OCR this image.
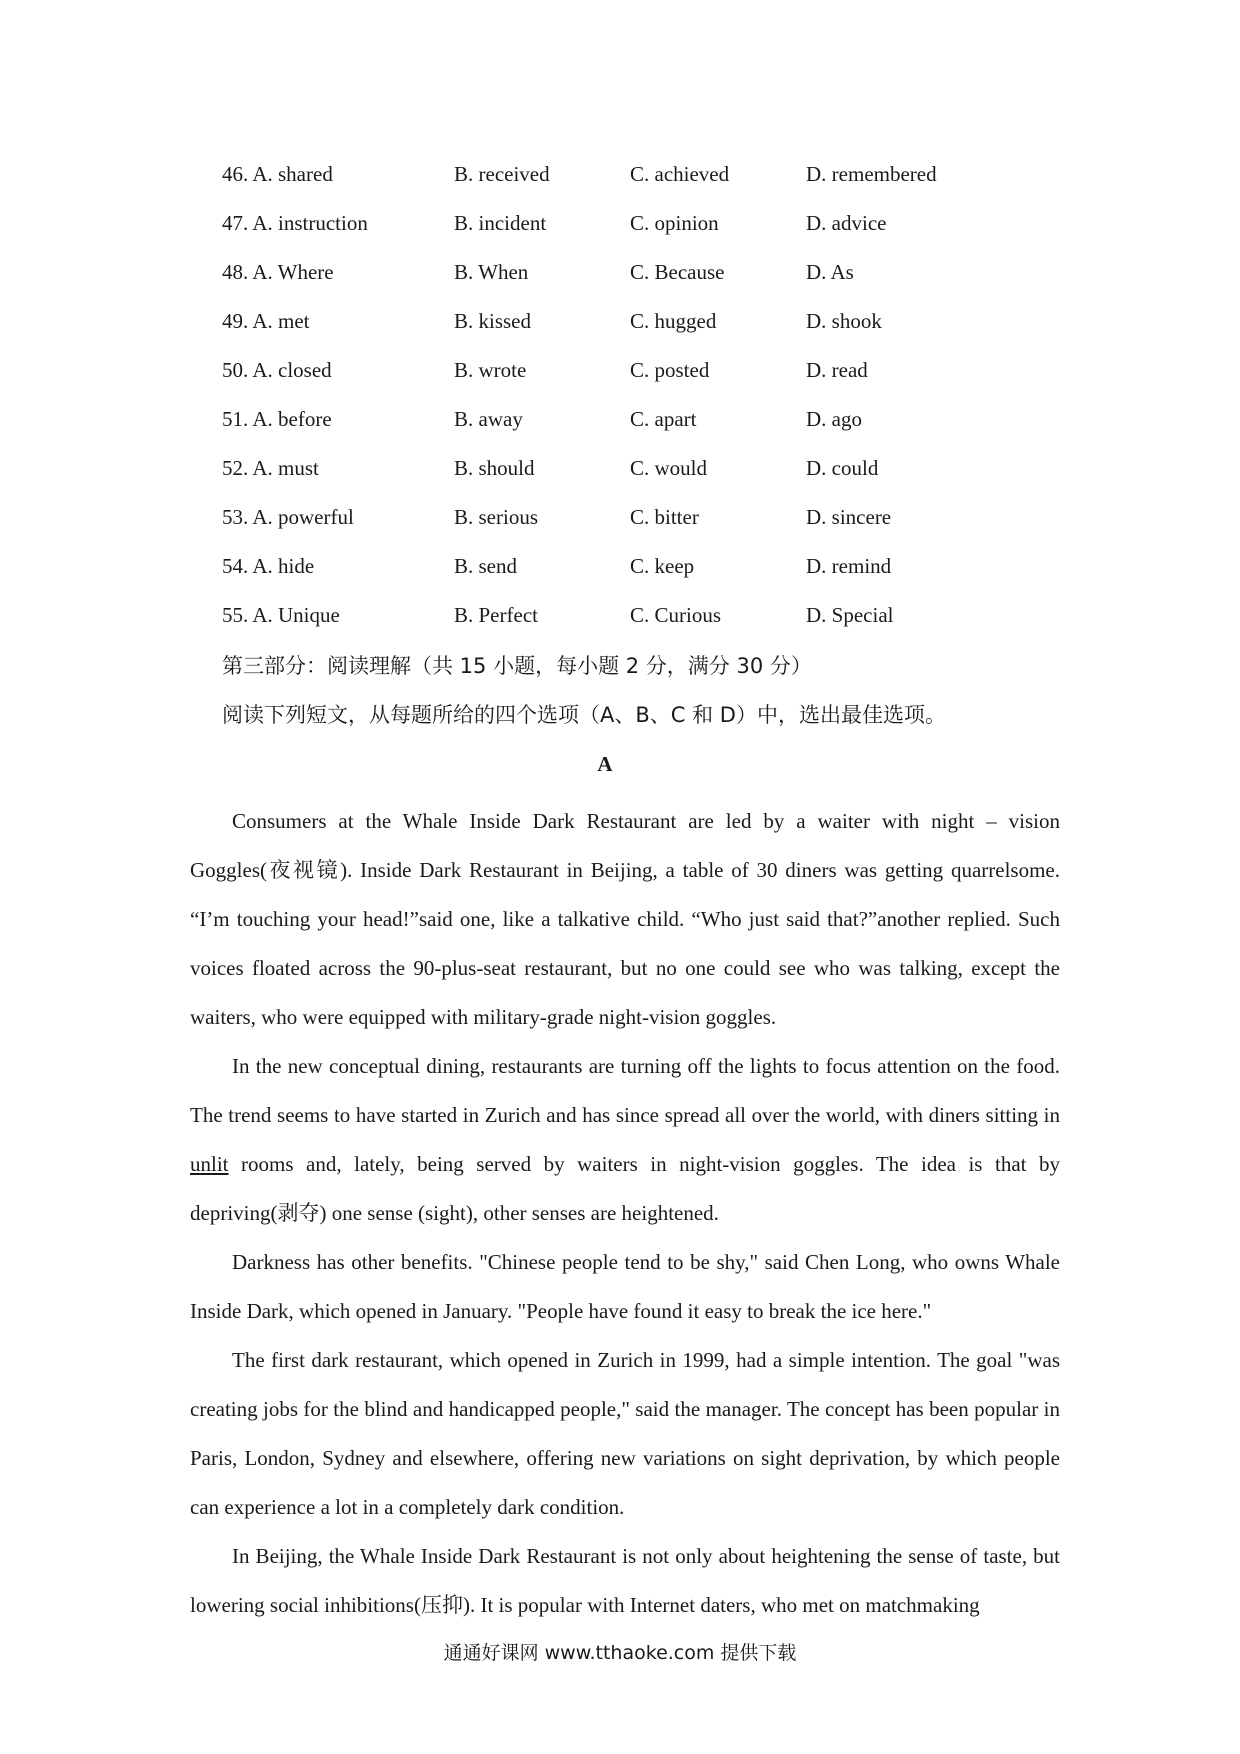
46. A. shared	B. received	C. achieved	D. remembered
47. A. instruction	B. incident	C. opinion	D. advice
48. A. Where	B. When	C. Because	D. As
49. A. met	B. kissed	C. hugged	D. shook
50. A. closed	B. wrote	C. posted	D. read
51. A. before	B. away	C. apart	D. ago
52. A. must	B. should	C. would	D. could
53. A. powerful	B. serious	C. bitter	D. sincere
54. A. hide	B. send	C. keep	D. remind
55. A. Unique	B. Perfect	C. Curious	D. Special
第三部分：阅读理解（共 15 小题，每小题 2 分，满分 30 分）
阅读下列短文，从每题所给的四个选项（A、B、C 和 D）中，选出最佳选项。
A

Consumers at the Whale Inside Dark Restaurant are led by a waiter with night – vision Goggles(夜视镜). Inside Dark Restaurant in Beijing, a table of 30 diners was getting quarrelsome. “I’m touching your head!”said one, like a talkative child. “Who just said that?”another replied. Such voices floated across the 90-plus-seat restaurant, but no one could see who was talking, except the waiters, who were equipped with military-grade night-vision goggles.

In the new conceptual dining, restaurants are turning off the lights to focus attention on the food. The trend seems to have started in Zurich and has since spread all over the world, with diners sitting in unlit rooms and, lately, being served by waiters in night-vision goggles. The idea is that by depriving(剥夺) one sense (sight), other senses are heightened.

Darkness has other benefits. "Chinese people tend to be shy," said Chen Long, who owns Whale Inside Dark, which opened in January. "People have found it easy to break the ice here."

The first dark restaurant, which opened in Zurich in 1999, had a simple intention. The goal "was creating jobs for the blind and handicapped people," said the manager. The concept has been popular in Paris, London, Sydney and elsewhere, offering new variations on sight deprivation, by which people can experience a lot in a completely dark condition.

In Beijing, the Whale Inside Dark Restaurant is not only about heightening the sense of taste, but lowering social inhibitions(压抑). It is popular with Internet daters, who met on matchmaking

通通好课网 www.tthaoke.com 提供下载
